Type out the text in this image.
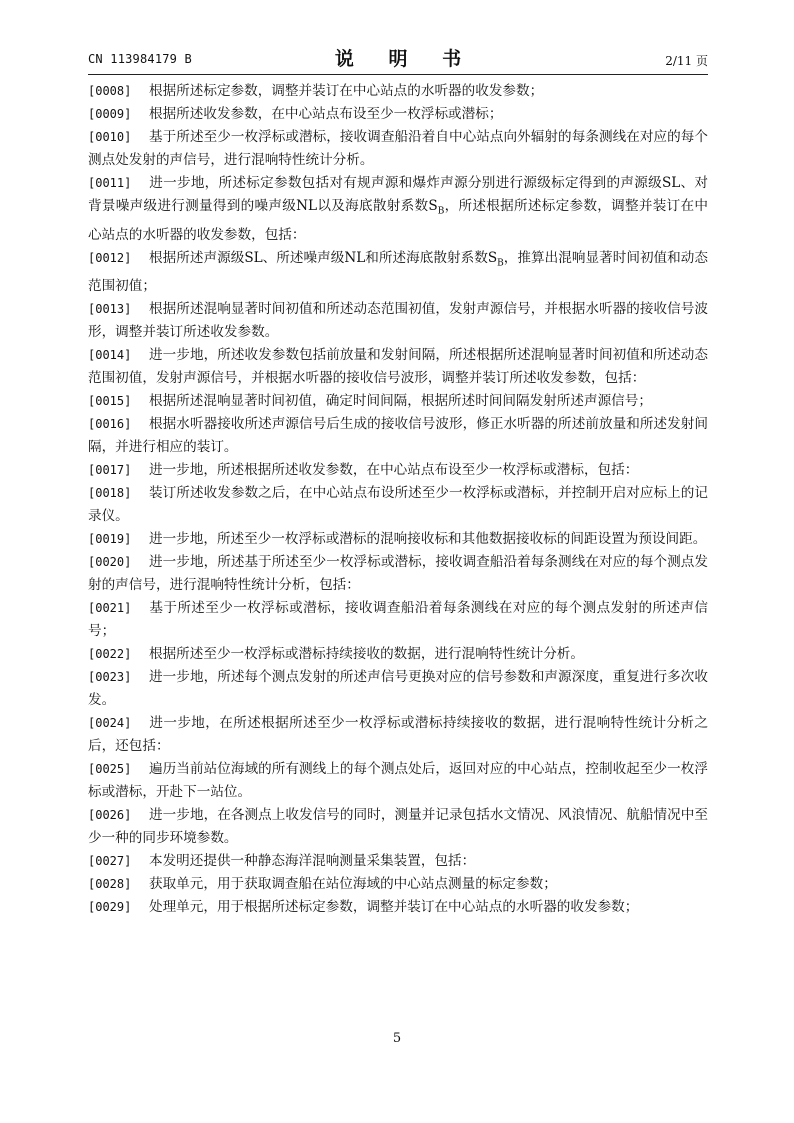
CN 113984179 B	说 明 书	2/11 页

[0008] 根据所述标定参数，调整并装订在中心站点的水听器的收发参数；

[0009] 根据所述收发参数，在中心站点布设至少一枚浮标或潜标；

[0010] 基于所述至少一枚浮标或潜标，接收调查船沿着自中心站点向外辐射的每条测线在对应的每个测点处发射的声信号，进行混响特性统计分析。

[0011] 进一步地，所述标定参数包括对有规声源和爆炸声源分别进行源级标定得到的声源级SL、对背景噪声级进行测量得到的噪声级NL以及海底散射系数$S_B$，所述根据所述标定参数，调整并装订在中心站点的水听器的收发参数，包括：

[0012] 根据所述声源级SL、所述噪声级NL和所述海底散射系数$S_B$，推算出混响显著时间初值和动态范围初值；

[0013] 根据所述混响显著时间初值和所述动态范围初值，发射声源信号，并根据水听器的接收信号波形，调整并装订所述收发参数。

[0014] 进一步地，所述收发参数包括前放量和发射间隔，所述根据所述混响显著时间初值和所述动态范围初值，发射声源信号，并根据水听器的接收信号波形，调整并装订所述收发参数，包括：

[0015] 根据所述混响显著时间初值，确定时间间隔，根据所述时间间隔发射所述声源信号；

[0016] 根据水听器接收所述声源信号后生成的接收信号波形，修正水听器的所述前放量和所述发射间隔，并进行相应的装订。

[0017] 进一步地，所述根据所述收发参数，在中心站点布设至少一枚浮标或潜标，包括：

[0018] 装订所述收发参数之后，在中心站点布设所述至少一枚浮标或潜标，并控制开启对应标上的记录仪。

[0019] 进一步地，所述至少一枚浮标或潜标的混响接收标和其他数据接收标的间距设置为预设间距。

[0020] 进一步地，所述基于所述至少一枚浮标或潜标，接收调查船沿着每条测线在对应的每个测点发射的声信号，进行混响特性统计分析，包括：

[0021] 基于所述至少一枚浮标或潜标，接收调查船沿着每条测线在对应的每个测点发射的所述声信号；

[0022] 根据所述至少一枚浮标或潜标持续接收的数据，进行混响特性统计分析。

[0023] 进一步地，所述每个测点发射的所述声信号更换对应的信号参数和声源深度，重复进行多次收发。

[0024] 进一步地，在所述根据所述至少一枚浮标或潜标持续接收的数据，进行混响特性统计分析之后，还包括：

[0025] 遍历当前站位海域的所有测线上的每个测点处后，返回对应的中心站点，控制收起至少一枚浮标或潜标，开赴下一站位。

[0026] 进一步地，在各测点上收发信号的同时，测量并记录包括水文情况、风浪情况、航船情况中至少一种的同步环境参数。

[0027] 本发明还提供一种静态海洋混响测量采集装置，包括：

[0028] 获取单元，用于获取调查船在站位海域的中心站点测量的标定参数；

[0029] 处理单元，用于根据所述标定参数，调整并装订在中心站点的水听器的收发参数；

5
